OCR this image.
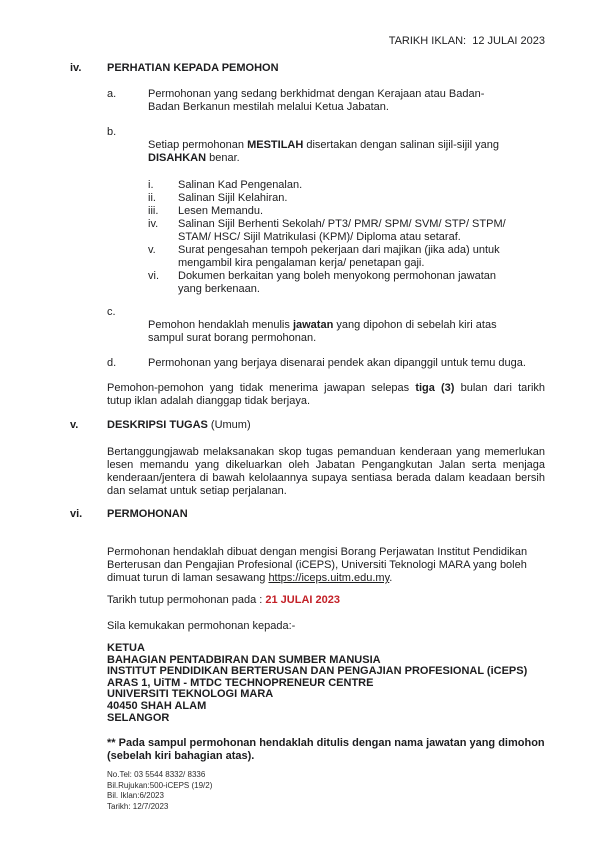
TARIKH IKLAN:  12 JULAI 2023
iv.	PERHATIAN KEPADA PEMOHON
a.	Permohonan yang sedang berkhidmat dengan Kerajaan atau Badan-
Badan Berkanun mestilah melalui Ketua Jabatan.
b.

Setiap permohonan MESTILAH disertakan dengan salinan sijil-sijil yang
DISAHKAN benar.

i.	Salinan Kad Pengenalan.
ii.	Salinan Sijil Kelahiran.
iii.	Lesen Memandu.
iv.	Salinan Sijil Berhenti Sekolah/ PT3/ PMR/ SPM/ SVM/ STP/ STPM/
STAM/ HSC/ Sijil Matrikulasi (KPM)/ Diploma atau setaraf.
v.	Surat pengesahan tempoh pekerjaan dari majikan (jika ada) untuk
mengambil kira pengalaman kerja/ penetapan gaji.
vi.	Dokumen berkaitan yang boleh menyokong permohonan jawatan
yang berkenaan.
c.

Pemohon hendaklah menulis jawatan yang dipohon di sebelah kiri atas
sampul surat borang permohonan.

d.	Permohonan yang berjaya disenarai pendek akan dipanggil untuk temu duga.
Pemohon-pemohon yang tidak menerima jawapan selepas tiga (3) bulan dari tarikh
tutup iklan adalah dianggap tidak berjaya.
v.	DESKRIPSI TUGAS (Umum)
Bertanggungjawab melaksanakan skop tugas pemanduan kenderaan yang memerlukan
lesen memandu yang dikeluarkan oleh Jabatan Pengangkutan Jalan serta menjaga
kenderaan/jentera di bawah kelolaannya supaya sentiasa berada dalam keadaan bersih
dan selamat untuk setiap perjalanan.
vi.	PERMOHONAN

Permohonan hendaklah dibuat dengan mengisi Borang Perjawatan Institut Pendidikan
Berterusan dan Pengajian Profesional (iCEPS), Universiti Teknologi MARA yang boleh
dimuat turun di laman sesawang https://iceps.uitm.edu.my.

Tarikh tutup permohonan pada : 21 JULAI 2023
Sila kemukakan permohonan kepada:-
KETUA
BAHAGIAN PENTADBIRAN DAN SUMBER MANUSIA
INSTITUT PENDIDIKAN BERTERUSAN DAN PENGAJIAN PROFESIONAL (iCEPS)
ARAS 1, UiTM - MTDC TECHNOPRENEUR CENTRE
UNIVERSITI TEKNOLOGI MARA
40450 SHAH ALAM
SELANGOR
** Pada sampul permohonan hendaklah ditulis dengan nama jawatan yang dimohon
(sebelah kiri bahagian atas).
No.Tel: 03 5544 8332/ 8336
Bil.Rujukan:500-iCEPS (19/2)
Bil. Iklan:6/2023
Tarikh: 12/7/2023
